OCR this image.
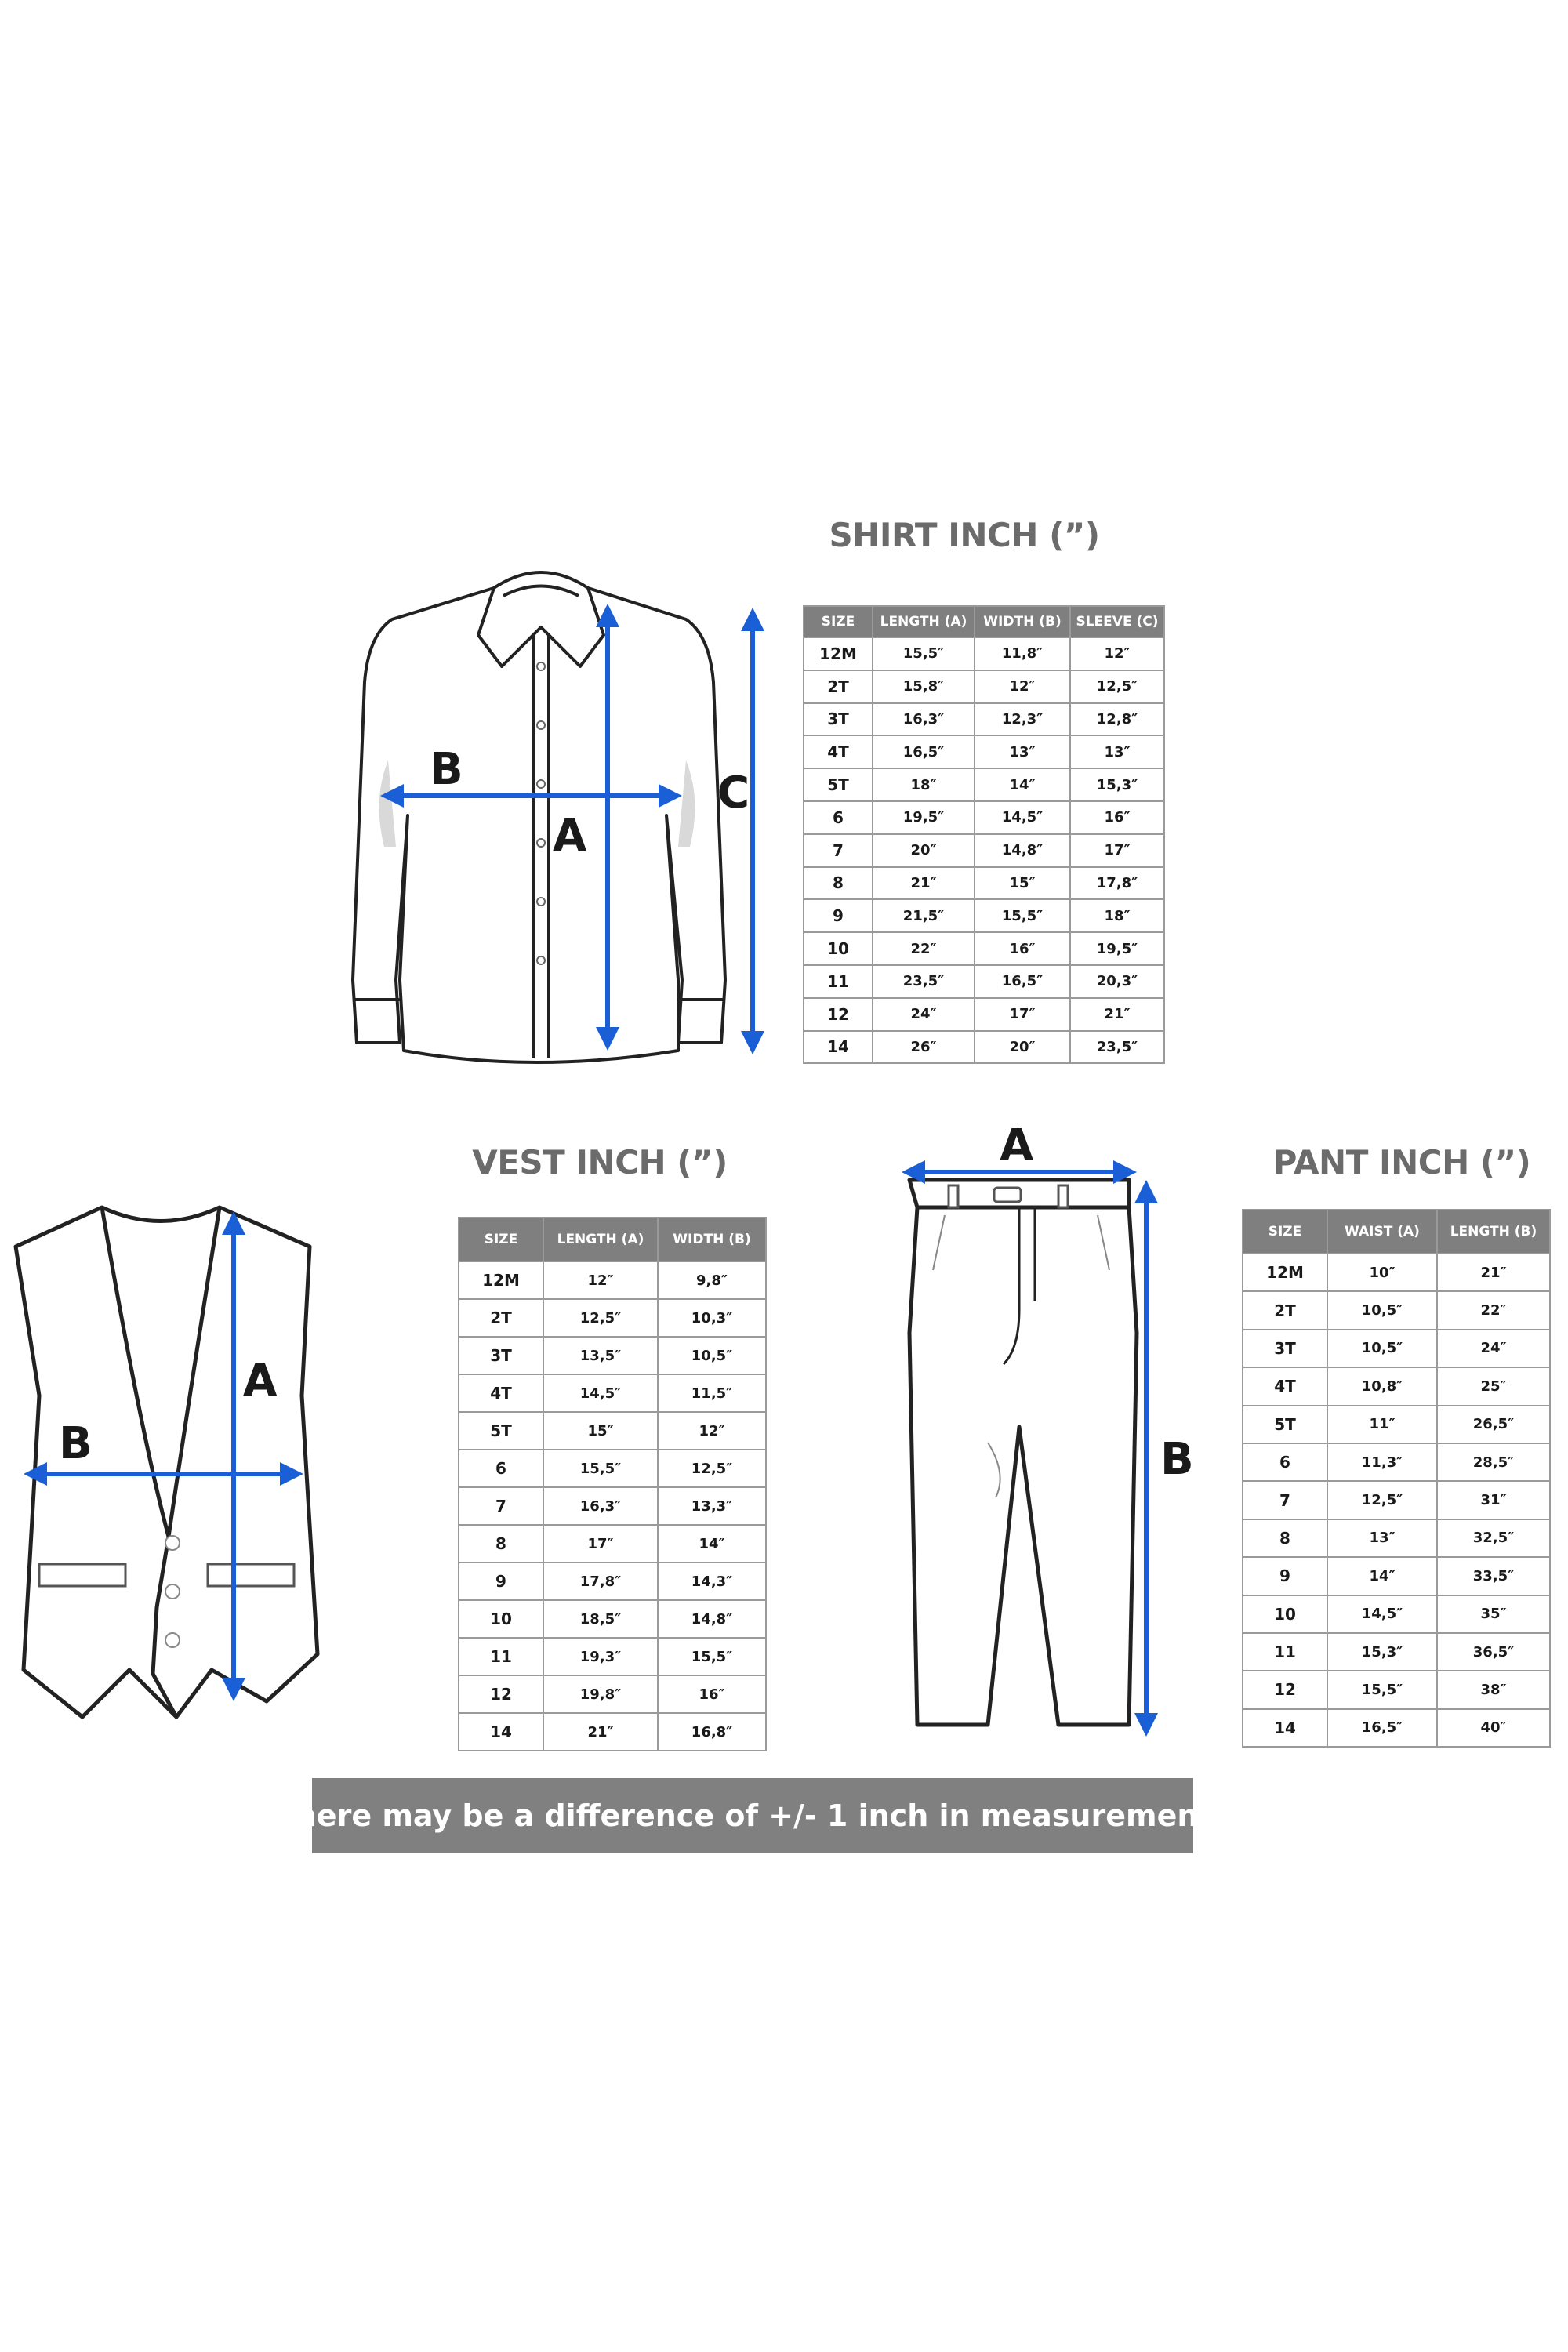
A
B	C
SHIRT INCH (”)
SIZE	LENGTH (A)	WIDTH (B)	SLEEVE (C)
12M	15,5″	11,8″	12″
2T	15,8″	12″	12,5″
3T	16,3″	12,3″	12,8″
4T	16,5″	13″	13″
5T	18″	14″	15,3″
6	19,5″	14,5″	16″
7	20″	14,8″	17″
8	21″	15″	17,8″
9	21,5″	15,5″	18″
10	22″	16″	19,5″
11	23,5″	16,5″	20,3″
12	24″	17″	21″
14	26″	20″	23,5″
A
B
VEST INCH (”)
SIZE	LENGTH (A)	WIDTH (B)
12M	12″	9,8″
2T	12,5″	10,3″
3T	13,5″	10,5″
4T	14,5″	11,5″
5T	15″	12″
6	15,5″	12,5″
7	16,3″	13,3″
8	17″	14″
9	17,8″	14,3″
10	18,5″	14,8″
11	19,3″	15,5″
12	19,8″	16″
14	21″	16,8″
A
B
PANT INCH (”)
SIZE	WAIST (A)	LENGTH (B)
12M	10″	21″
2T	10,5″	22″
3T	10,5″	24″
4T	10,8″	25″
5T	11″	26,5″
6	11,3″	28,5″
7	12,5″	31″
8	13″	32,5″
9	14″	33,5″
10	14,5″	35″
11	15,3″	36,5″
12	15,5″	38″
14	16,5″	40″
There may be a difference of +/- 1 inch in measurements
